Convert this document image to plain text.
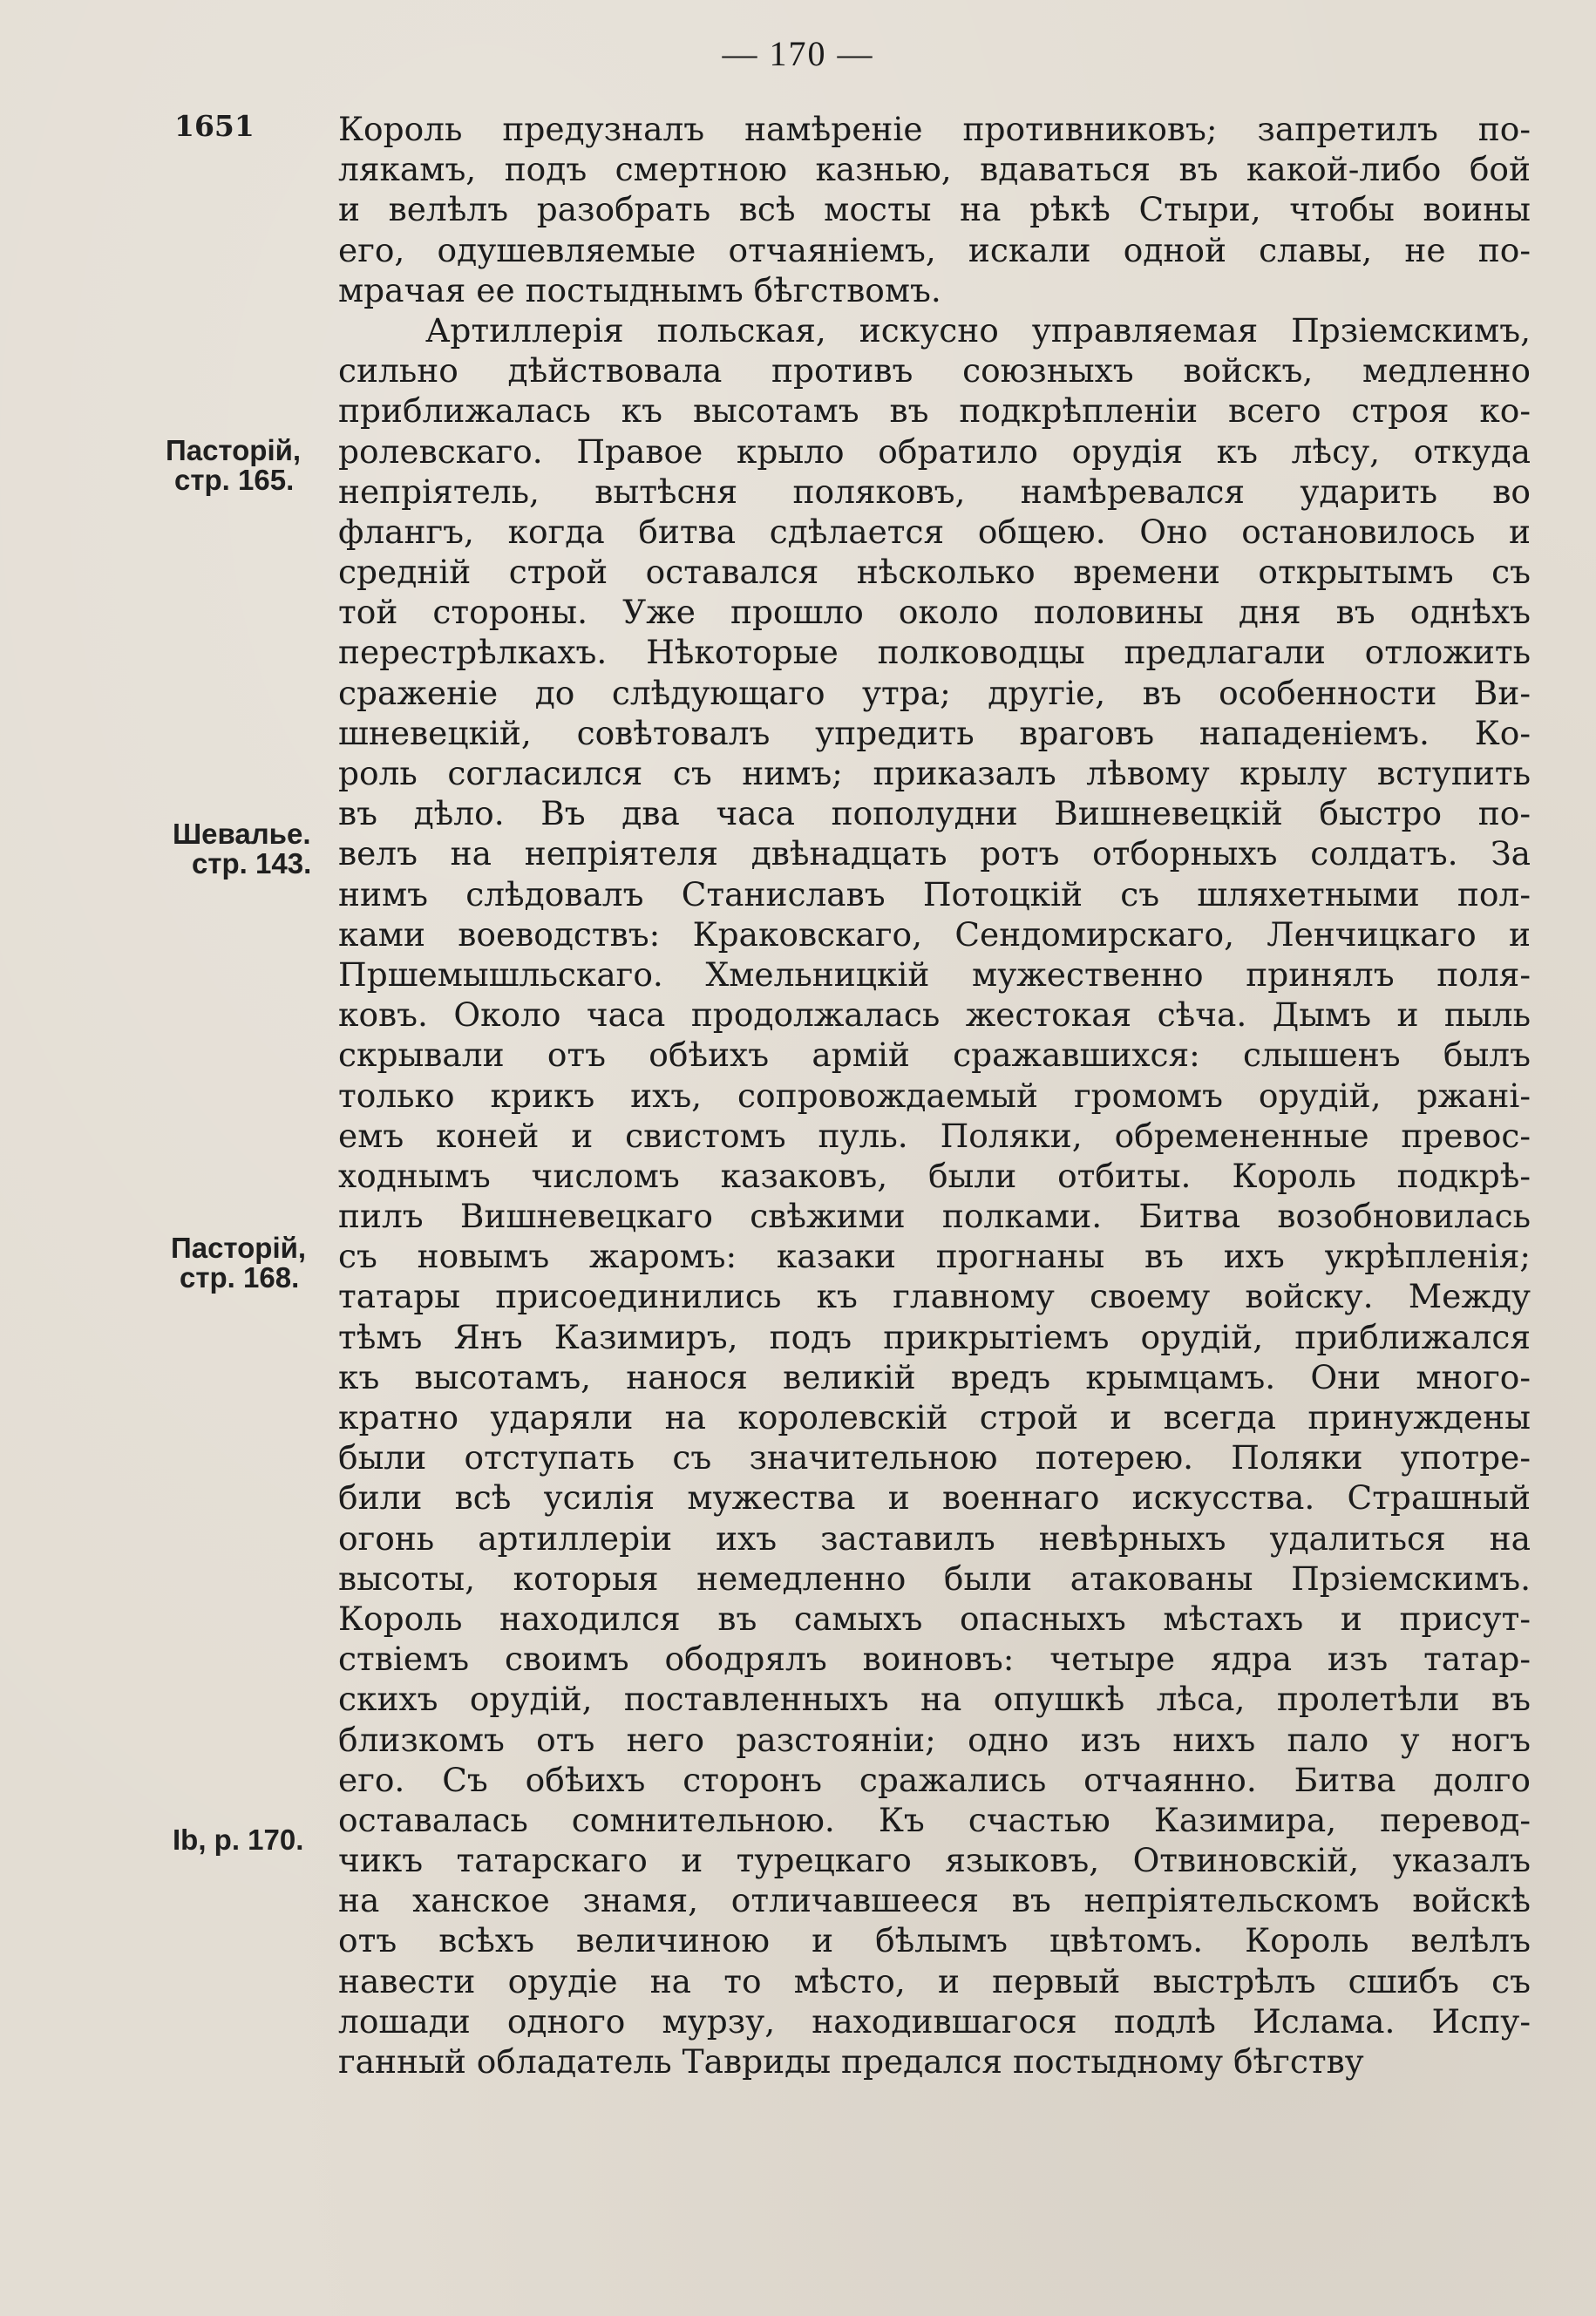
— 170 —
1651
Пасторій,
стр. 165.
Шевалье.
стр. 143.
Пасторій,
стр. 168.
Ib, p. 170.
Король предузналъ намѣреніе противниковъ; запретилъ по-
лякамъ, подъ смертною казнью, вдаваться въ какой-либо бой
и велѣлъ разобрать всѣ мосты на рѣкѣ Стыри, чтобы воины
его, одушевляемые отчаяніемъ, искали одной славы, не по-
мрачая ее постыднымъ бѣгствомъ.
Артиллерія польская, искусно управляемая Прзіемскимъ,
сильно дѣйствовала противъ союзныхъ войскъ, медленно
приближалась къ высотамъ въ подкрѣпленіи всего строя ко-
ролевскаго. Правое крыло обратило орудія къ лѣсу, откуда
непріятель, вытѣсня поляковъ, намѣревался ударить во
флангъ, когда битва сдѣлается общею. Оно остановилось и
средній строй оставался нѣсколько времени открытымъ съ
той стороны. Уже прошло около половины дня въ однѣхъ
перестрѣлкахъ. Нѣкоторые полководцы предлагали отложить
сраженіе до слѣдующаго утра; другіе, въ особенности Ви-
шневецкій, совѣтовалъ упредить враговъ нападеніемъ. Ко-
роль согласился съ нимъ; приказалъ лѣвому крылу вступить
въ дѣло. Въ два часа пополудни Вишневецкій быстро по-
велъ на непріятеля двѣнадцать ротъ отборныхъ солдатъ. За
нимъ слѣдовалъ Станиславъ Потоцкій съ шляхетными пол-
ками воеводствъ: Краковскаго, Сендомирскаго, Ленчицкаго и
Пршемышльскаго. Хмельницкій мужественно принялъ поля-
ковъ. Около часа продолжалась жестокая сѣча. Дымъ и пыль
скрывали отъ обѣихъ армій сражавшихся: слышенъ былъ
только крикъ ихъ, сопровождаемый громомъ орудій, ржані-
емъ коней и свистомъ пуль. Поляки, обремененные превос-
ходнымъ числомъ казаковъ, были отбиты. Король подкрѣ-
пилъ Вишневецкаго свѣжими полками. Битва возобновилась
съ новымъ жаромъ: казаки прогнаны въ ихъ укрѣпленія;
татары присоединились къ главному своему войску. Между
тѣмъ Янъ Казимиръ, подъ прикрытіемъ орудій, приближался
къ высотамъ, нанося великій вредъ крымцамъ. Они много-
кратно ударяли на королевскій строй и всегда принуждены
были отступать съ значительною потерею. Поляки употре-
били всѣ усилія мужества и военнаго искусства. Страшный
огонь артиллеріи ихъ заставилъ невѣрныхъ удалиться на
высоты, которыя немедленно были атакованы Прзіемскимъ.
Король находился въ самыхъ опасныхъ мѣстахъ и присут-
ствіемъ своимъ ободрялъ воиновъ: четыре ядра изъ татар-
скихъ орудій, поставленныхъ на опушкѣ лѣса, пролетѣли въ
близкомъ отъ него разстояніи; одно изъ нихъ пало у ногъ
его. Съ обѣихъ сторонъ сражались отчаянно. Битва долго
оставалась сомнительною. Къ счастью Казимира, перевод-
чикъ татарскаго и турецкаго языковъ, Отвиновскій, указалъ
на ханское знамя, отличавшееся въ непріятельскомъ войскѣ
отъ всѣхъ величиною и бѣлымъ цвѣтомъ. Король велѣлъ
навести орудіе на то мѣсто, и первый выстрѣлъ сшибъ съ
лошади одного мурзу, находившагося подлѣ Ислама. Испу-
ганный обладатель Тавриды предался постыдному бѣгству
